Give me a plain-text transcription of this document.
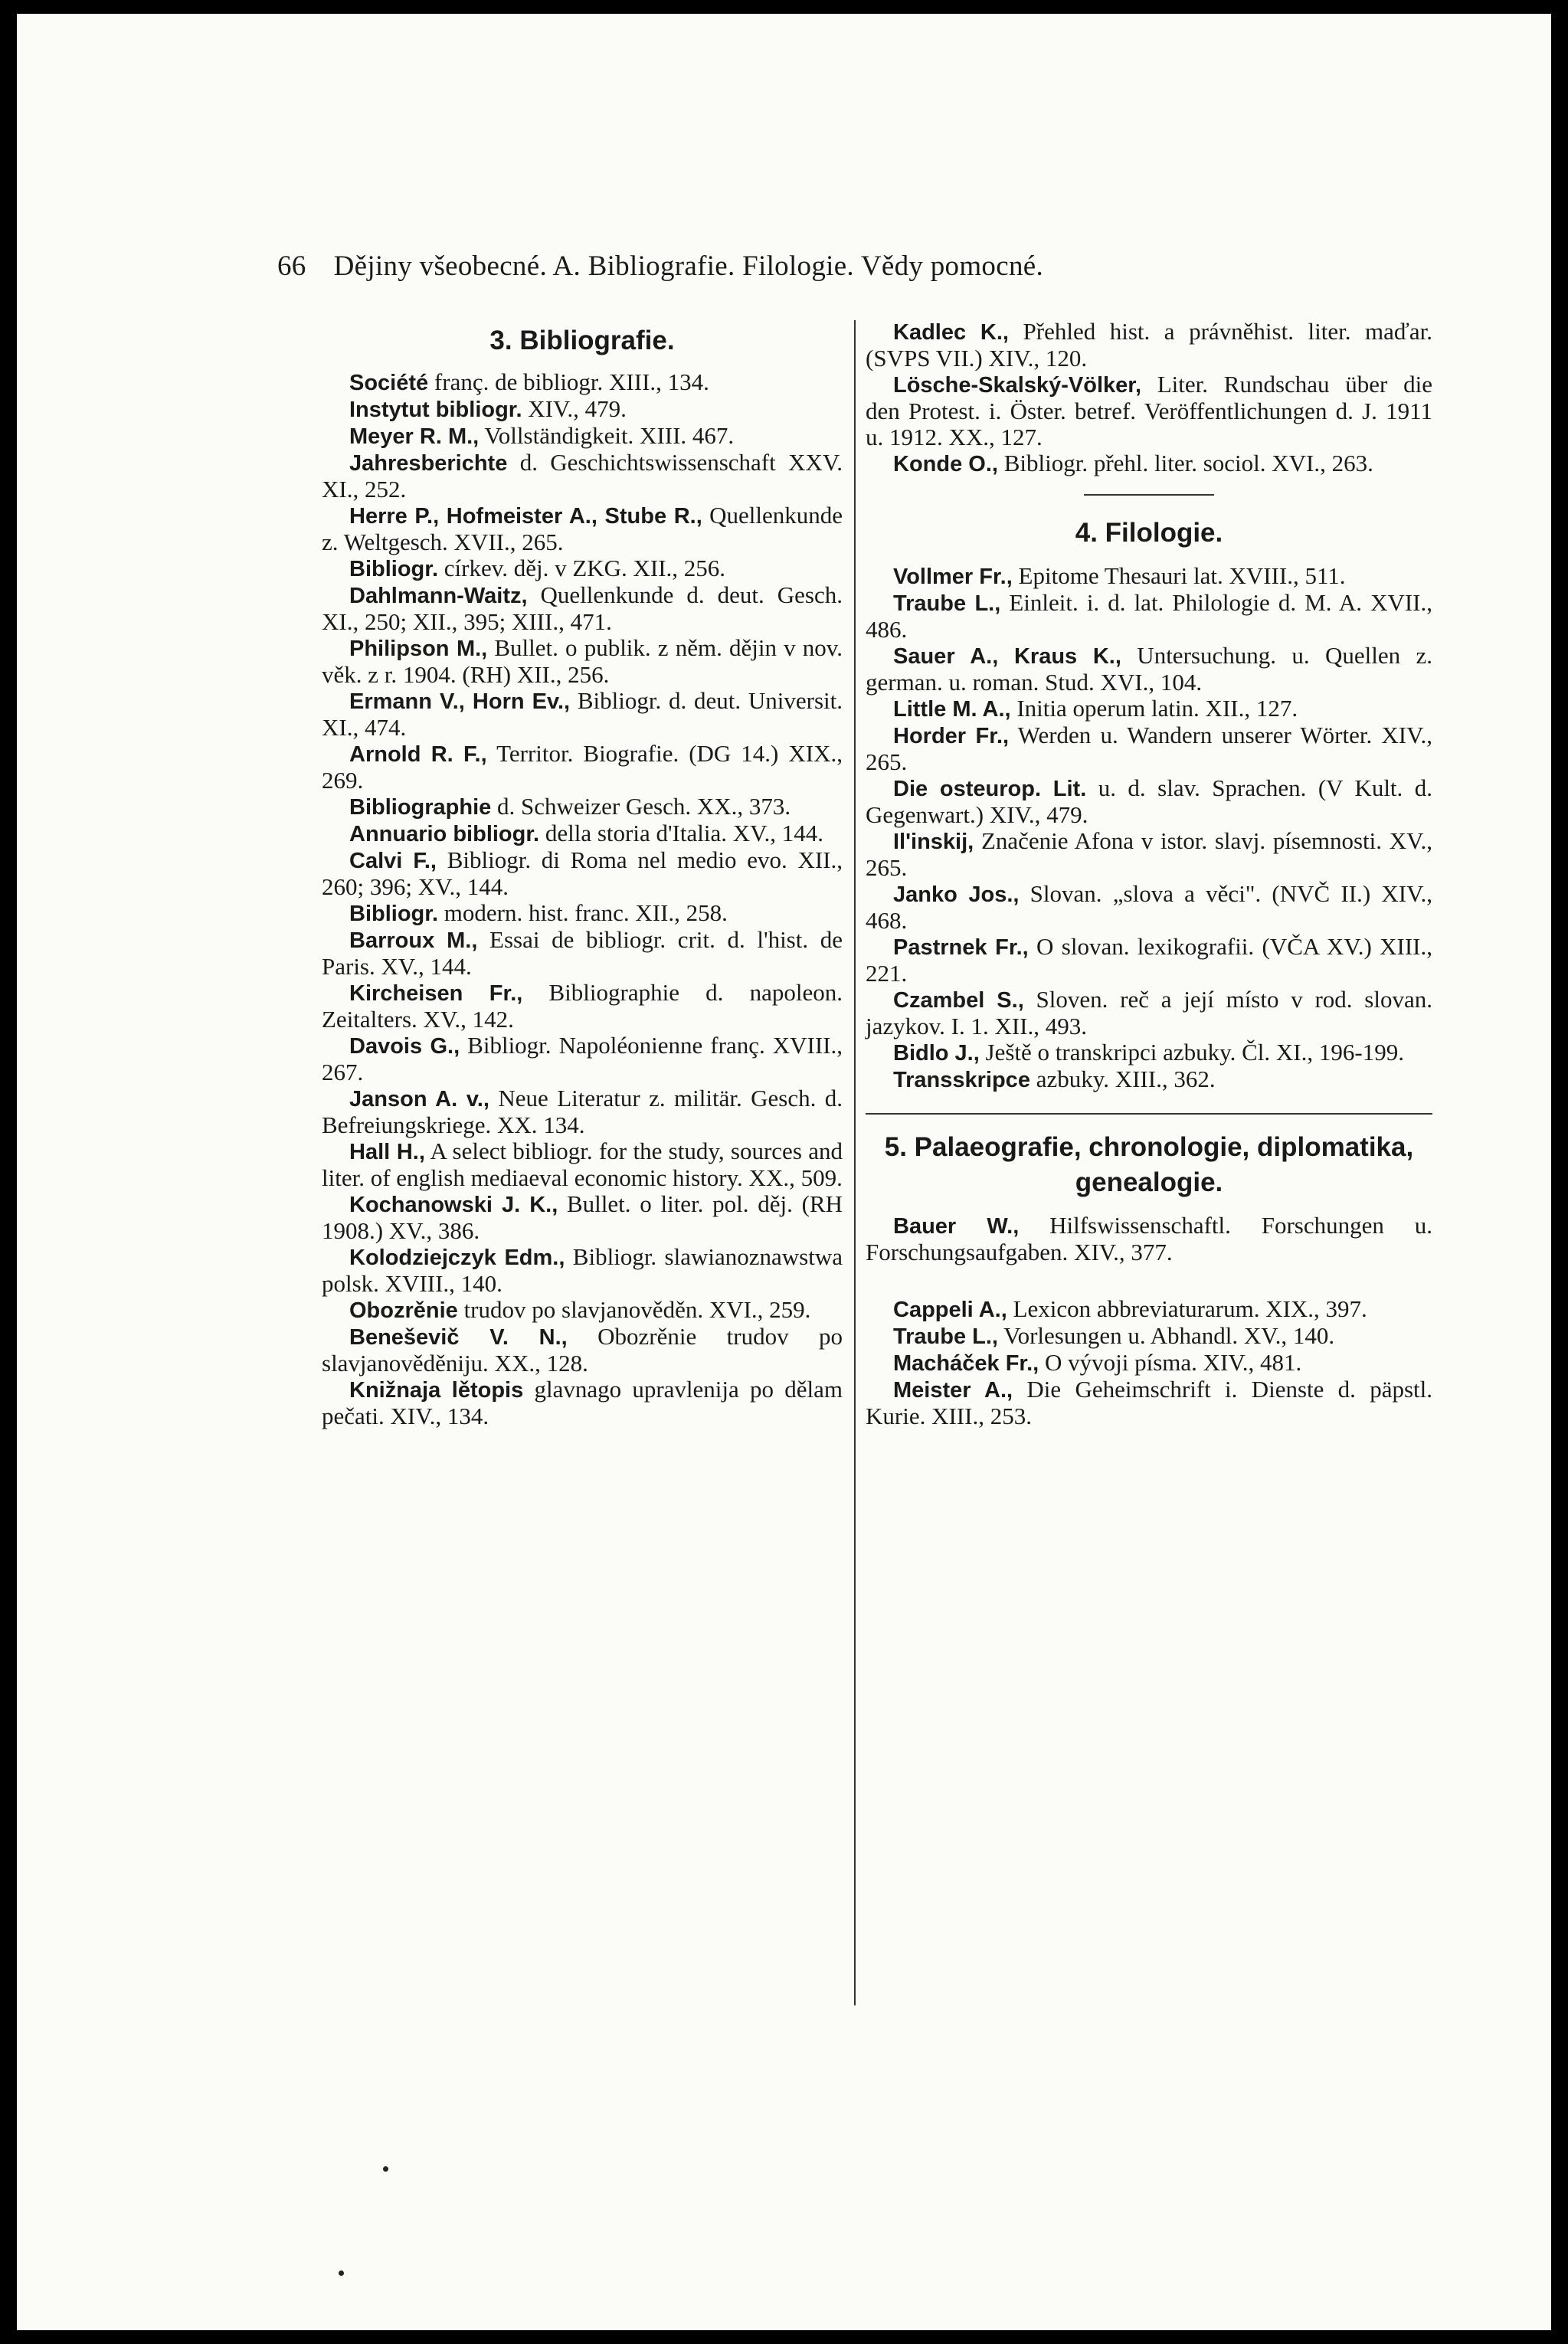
66 Dějiny všeobecné. A. Bibliografie. Filologie. Vědy pomocné.
3. Bibliografie.

Société franç. de bibliogr. XIII., 134.

Instytut bibliogr. XIV., 479.

Meyer R. M., Vollständigkeit. XIII. 467.

Jahresberichte d. Geschichtswissenschaft XXV. XI., 252.

Herre P., Hofmeister A., Stube R., Quellenkunde z. Weltgesch. XVII., 265.

Bibliogr. církev. děj. v ZKG. XII., 256.

Dahlmann-Waitz, Quellenkunde d. deut. Gesch. XI., 250; XII., 395; XIII., 471.

Philipson M., Bullet. o publik. z něm. dějin v nov. věk. z r. 1904. (RH) XII., 256.

Ermann V., Horn Ev., Bibliogr. d. deut. Universit. XI., 474.

Arnold R. F., Territor. Biografie. (DG 14.) XIX., 269.

Bibliographie d. Schweizer Gesch. XX., 373.

Annuario bibliogr. della storia d'Italia. XV., 144.

Calvi F., Bibliogr. di Roma nel medio evo. XII., 260; 396; XV., 144.

Bibliogr. modern. hist. franc. XII., 258.

Barroux M., Essai de bibliogr. crit. d. l'hist. de Paris. XV., 144.

Kircheisen Fr., Bibliographie d. napoleon. Zeitalters. XV., 142.

Davois G., Bibliogr. Napoléonienne franç. XVIII., 267.

Janson A. v., Neue Literatur z. militär. Gesch. d. Befreiungskriege. XX. 134.

Hall H., A select bibliogr. for the study, sources and liter. of english mediaeval economic history. XX., 509.

Kochanowski J. K., Bullet. o liter. pol. děj. (RH 1908.) XV., 386.

Kolodziejczyk Edm., Bibliogr. slawianoznawstwa polsk. XVIII., 140.

Obozrěnie trudov po slavjanověděn. XVI., 259.

Beneševič V. N., Obozrěnie trudov po slavjanověděniju. XX., 128.

Knižnaja lětopis glavnago upravlenija po dělam pečati. XIV., 134.

Kadlec K., Přehled hist. a právněhist. liter. maďar. (SVPS VII.) XIV., 120.

Lösche-Skalský-Völker, Liter. Rundschau über die den Protest. i. Öster. betref. Veröffentlichungen d. J. 1911 u. 1912. XX., 127.

Konde O., Bibliogr. přehl. liter. sociol. XVI., 263.

4. Filologie.

Vollmer Fr., Epitome Thesauri lat. XVIII., 511.

Traube L., Einleit. i. d. lat. Philologie d. M. A. XVII., 486.

Sauer A., Kraus K., Untersuchung. u. Quellen z. german. u. roman. Stud. XVI., 104.

Little M. A., Initia operum latin. XII., 127.

Horder Fr., Werden u. Wandern unserer Wörter. XIV., 265.

Die osteurop. Lit. u. d. slav. Sprachen. (V Kult. d. Gegenwart.) XIV., 479.

Il'inskij, Značenie Afona v istor. slavj. písemnosti. XV., 265.

Janko Jos., Slovan. „slova a věci". (NVČ II.) XIV., 468.

Pastrnek Fr., O slovan. lexikografii. (VČA XV.) XIII., 221.

Czambel S., Sloven. reč a její místo v rod. slovan. jazykov. I. 1. XII., 493.

Bidlo J., Ještě o transkripci azbuky. Čl. XI., 196-199.

Transskripce azbuky. XIII., 362.

5. Palaeografie, chronologie, diplomatika, genealogie.

Bauer W., Hilfswissenschaftl. Forschungen u. Forschungsaufgaben. XIV., 377.

Cappeli A., Lexicon abbreviaturarum. XIX., 397.

Traube L., Vorlesungen u. Abhandl. XV., 140.

Macháček Fr., O vývoji písma. XIV., 481.

Meister A., Die Geheimschrift i. Dienste d. päpstl. Kurie. XIII., 253.
